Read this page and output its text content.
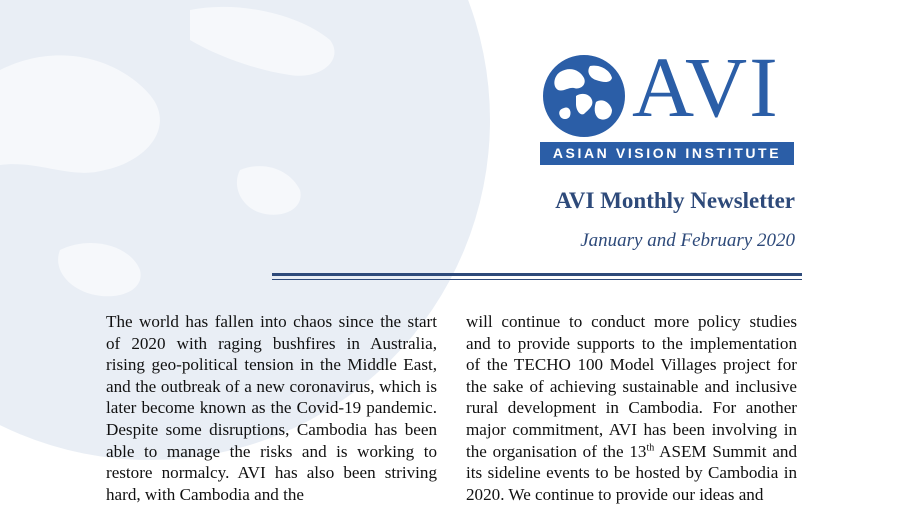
AVI
ASIAN VISION INSTITUTE
AVI Monthly Newsletter
January and February 2020

The world has fallen into chaos since the start of 2020 with raging bushfires in Australia, rising geo-political tension in the Middle East, and the outbreak of a new coronavirus, which is later become known as the Covid-19 pandemic. Despite some disruptions, Cambodia has been able to manage the risks and is working to restore normalcy. AVI has also been striving hard, with Cambodia and the

will continue to conduct more policy studies and to provide supports to the implementation of the TECHO 100 Model Villages project for the sake of achieving sustainable and inclusive rural development in Cambodia. For another major commitment, AVI has been involving in the organisation of the 13th ASEM Summit and its sideline events to be hosted by Cambodia in 2020. We continue to provide our ideas and
